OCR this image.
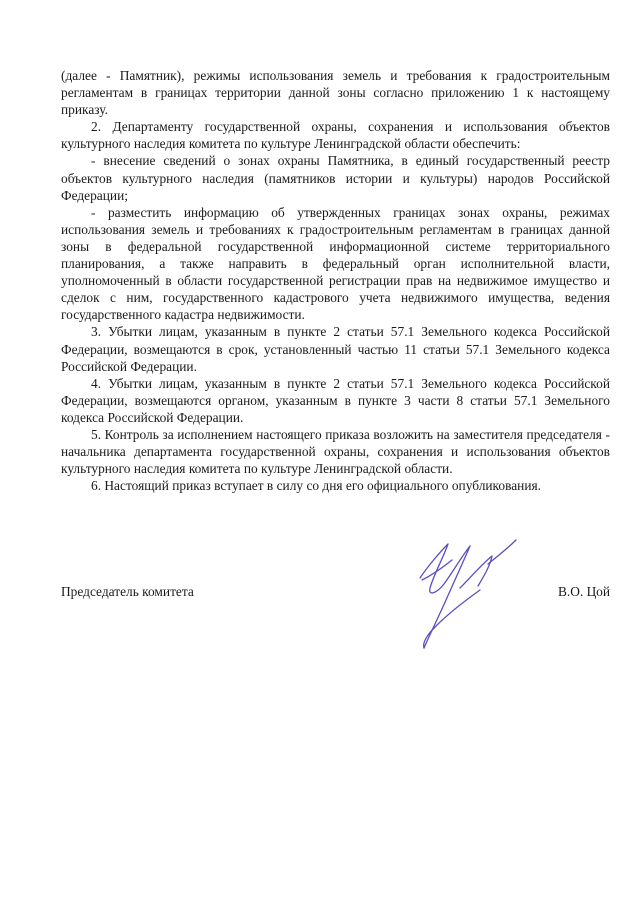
(далее - Памятник), режимы использования земель и требования к градостроительным регламентам в границах территории данной зоны согласно приложению 1 к настоящему приказу.

2. Департаменту государственной охраны, сохранения и использования объектов культурного наследия комитета по культуре Ленинградской области обеспечить:

- внесение сведений о зонах охраны Памятника, в единый государственный реестр объектов культурного наследия (памятников истории и культуры) народов Российской Федерации;

- разместить информацию об утвержденных границах зонах охраны, режимах использования земель и требованиях к градостроительным регламентам в границах данной зоны в федеральной государственной информационной системе территориального планирования, а также направить в федеральный орган исполнительной власти, уполномоченный в области государственной регистрации прав на недвижимое имущество и сделок с ним, государственного кадастрового учета недвижимого имущества, ведения государственного кадастра недвижимости.

3. Убытки лицам, указанным в пункте 2 статьи 57.1 Земельного кодекса Российской Федерации, возмещаются в срок, установленный частью 11 статьи 57.1 Земельного кодекса Российской Федерации.

4. Убытки лицам, указанным в пункте 2 статьи 57.1 Земельного кодекса Российской Федерации, возмещаются органом, указанным в пункте 3 части 8 статьи 57.1 Земельного кодекса Российской Федерации.

5. Контроль за исполнением настоящего приказа возложить на заместителя председателя - начальника департамента государственной охраны, сохранения и использования объектов культурного наследия комитета по культуре Ленинградской области.

6. Настоящий приказ вступает в силу со дня его официального опубликования.

Председатель комитета	В.О. Цой
